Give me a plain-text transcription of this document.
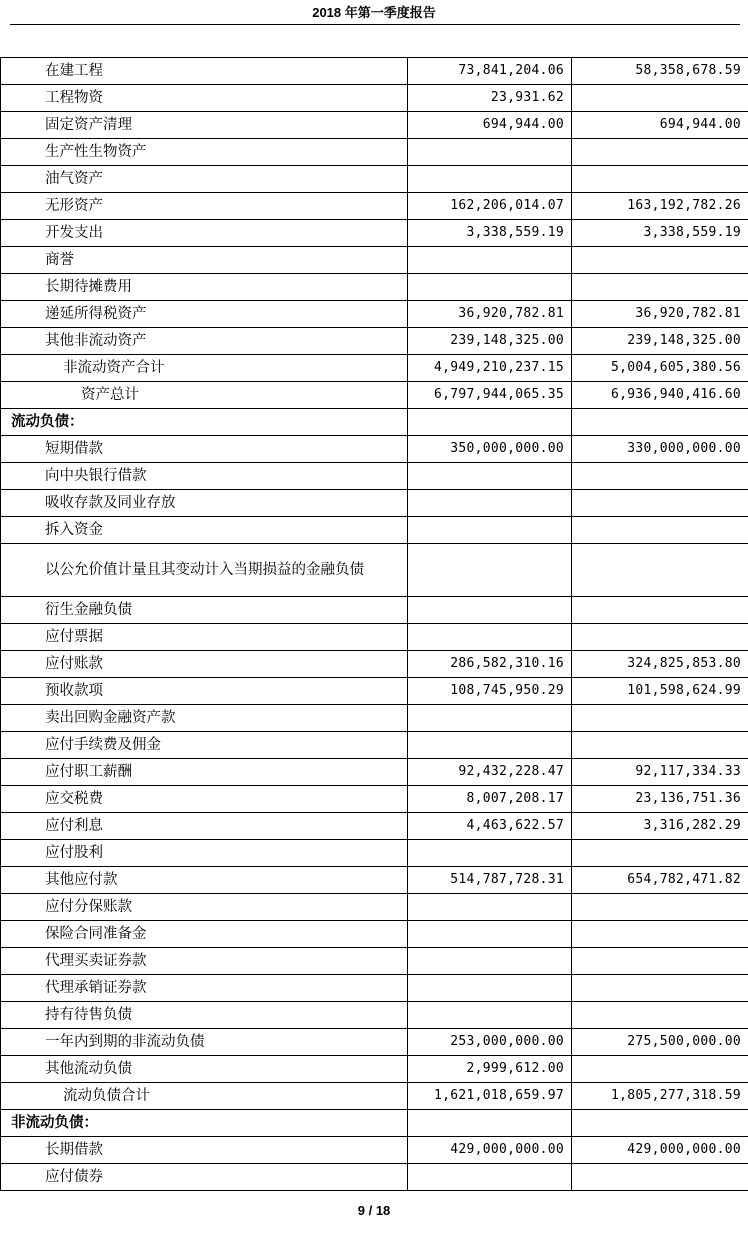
2018 年第一季度报告
在建工程	73,841,204.06	58,358,678.59
工程物资	23,931.62	
固定资产清理	694,944.00	694,944.00
生产性生物资产		
油气资产		
无形资产	162,206,014.07	163,192,782.26
开发支出	3,338,559.19	3,338,559.19
商誉		
长期待摊费用		
递延所得税资产	36,920,782.81	36,920,782.81
其他非流动资产	239,148,325.00	239,148,325.00
非流动资产合计	4,949,210,237.15	5,004,605,380.56
资产总计	6,797,944,065.35	6,936,940,416.60
流动负债：		
短期借款	350,000,000.00	330,000,000.00
向中央银行借款		
吸收存款及同业存放		
拆入资金		
以公允价值计量且其变动计入当期损益的金融负债		
衍生金融负债		
应付票据		
应付账款	286,582,310.16	324,825,853.80
预收款项	108,745,950.29	101,598,624.99
卖出回购金融资产款		
应付手续费及佣金		
应付职工薪酬	92,432,228.47	92,117,334.33
应交税费	8,007,208.17	23,136,751.36
应付利息	4,463,622.57	3,316,282.29
应付股利		
其他应付款	514,787,728.31	654,782,471.82
应付分保账款		
保险合同准备金		
代理买卖证券款		
代理承销证券款		
持有待售负债		
一年内到期的非流动负债	253,000,000.00	275,500,000.00
其他流动负债	2,999,612.00	
流动负债合计	1,621,018,659.97	1,805,277,318.59
非流动负债：		
长期借款	429,000,000.00	429,000,000.00
应付债券		
9 / 18
